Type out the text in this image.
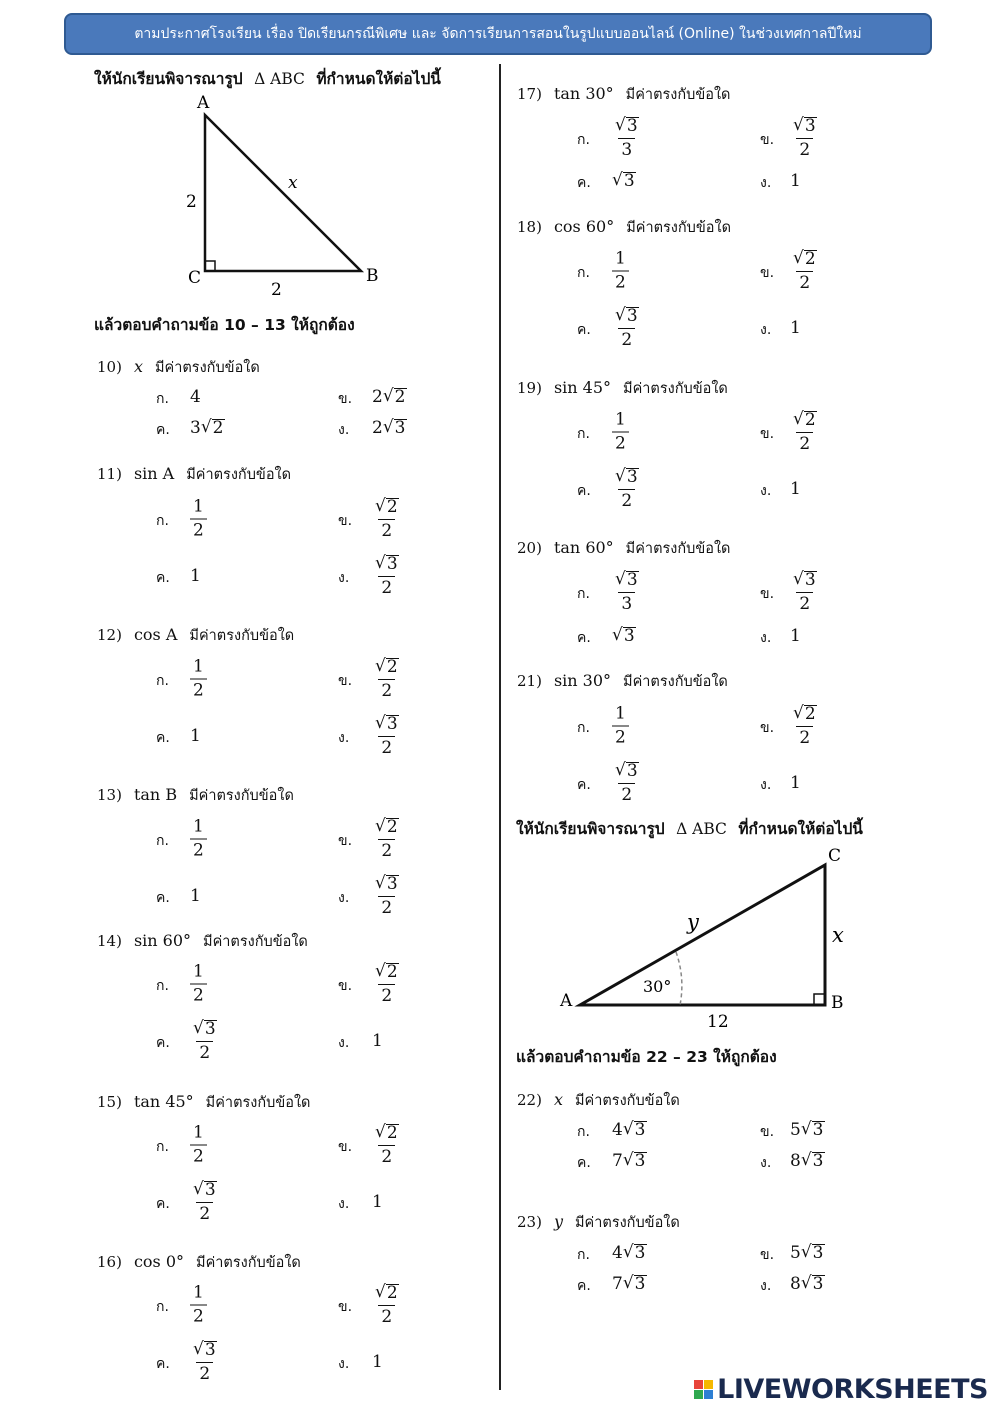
ตามประกาศโรงเรียน เรื่อง ปิดเรียนกรณีพิเศษ และ จัดการเรียนการสอนในรูปแบบออนไลน์ (Online) ในช่วงเทศกาลปีใหม่
ให้นักเรียนพิจารณารูป Δ ABC ที่กำหนดให้ต่อไปนี้
A
C	B
2
2
x
แล้วตอบคำถามข้อ 10 – 13 ให้ถูกต้อง
ให้นักเรียนพิจารณารูป Δ ABC ที่กำหนดให้ต่อไปนี้
A	B
C
12
x
y
30°
แล้วตอบคำถามข้อ 22 – 23 ให้ถูกต้อง
10) x มีค่าตรงกับข้อใด
ก. 4	ข. 2 √ 2
ค. 3 √ 2	ง. 2 √ 3
11) sin A มีค่าตรงกับข้อใด
ก. $\frac{1}{2}$	ข. $\frac{√ 2}{2}$
ค. 1	ง. $\frac{√ 3}{2}$
12) cos A มีค่าตรงกับข้อใด
ก. $\frac{1}{2}$	ข. $\frac{√ 2}{2}$
ค. 1	ง. $\frac{√ 3}{2}$
13) tan B มีค่าตรงกับข้อใด
ก. $\frac{1}{2}$	ข. $\frac{√ 2}{2}$
ค. 1	ง. $\frac{√ 3}{2}$
14) sin 60° มีค่าตรงกับข้อใด
ก. $\frac{1}{2}$	ข. $\frac{√ 2}{2}$
ค. $\frac{√ 3}{2}$	ง. 1
15) tan 45° มีค่าตรงกับข้อใด
ก. $\frac{1}{2}$	ข. $\frac{√ 2}{2}$
ค. $\frac{√ 3}{2}$	ง. 1
16) cos 0° มีค่าตรงกับข้อใด
ก. $\frac{1}{2}$	ข. $\frac{√ 2}{2}$
ค. $\frac{√ 3}{2}$	ง. 1
17) tan 30° มีค่าตรงกับข้อใด
ก. $\frac{√ 3}{3}$	ข. $\frac{√ 3}{2}$
ค. √ 3	ง. 1
18) cos 60° มีค่าตรงกับข้อใด
ก. $\frac{1}{2}$	ข. $\frac{√ 2}{2}$
ค. $\frac{√ 3}{2}$	ง. 1
19) sin 45° มีค่าตรงกับข้อใด
ก. $\frac{1}{2}$	ข. $\frac{√ 2}{2}$
ค. $\frac{√ 3}{2}$	ง. 1
20) tan 60° มีค่าตรงกับข้อใด
ก. $\frac{√ 3}{3}$	ข. $\frac{√ 3}{2}$
ค. √ 3	ง. 1
21) sin 30° มีค่าตรงกับข้อใด
ก. $\frac{1}{2}$	ข. $\frac{√ 2}{2}$
ค. $\frac{√ 3}{2}$	ง. 1
22) x มีค่าตรงกับข้อใด
ก. 4 √ 3	ข. 5 √ 3
ค. 7 √ 3	ง. 8 √ 3
23) y มีค่าตรงกับข้อใด
ก. 4 √ 3	ข. 5 √ 3
ค. 7 √ 3	ง. 8 √ 3
LIVE WORKSHEETS
